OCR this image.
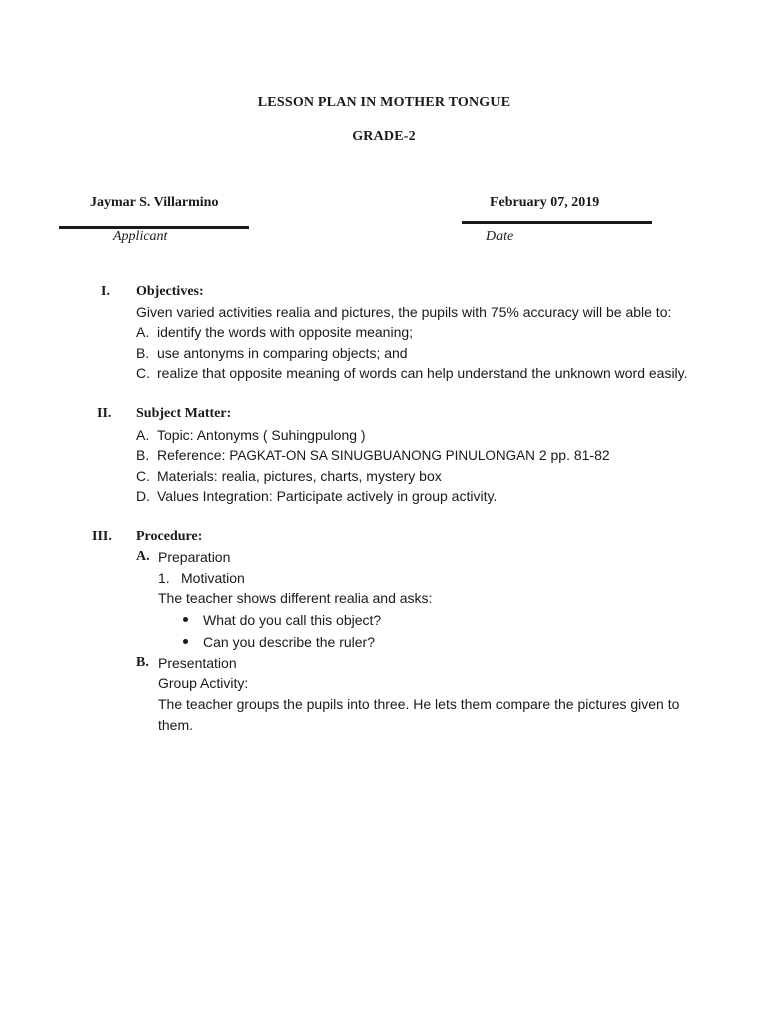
LESSON PLAN IN MOTHER TONGUE
GRADE-2
Jaymar S. Villarmino
Applicant
February 07, 2019
Date
I. Objectives:
Given varied activities realia and pictures, the pupils with 75% accuracy will be able to:
A. identify the words with opposite meaning;
B. use antonyms in comparing objects; and
C. realize that opposite meaning of words can help understand the unknown word easily.
II. Subject Matter:
A. Topic: Antonyms ( Suhingpulong )
B. Reference: PAGKAT-ON SA SINUGBUANONG PINULONGAN 2 pp. 81-82
C. Materials: realia, pictures, charts, mystery box
D. Values Integration: Participate actively in group activity.
III. Procedure:
A. Preparation
1. Motivation
The teacher shows different realia and asks:
What do you call this object?
Can you describe the ruler?
B. Presentation
Group Activity:
The teacher groups the pupils into three. He lets them compare the pictures given to
them.
